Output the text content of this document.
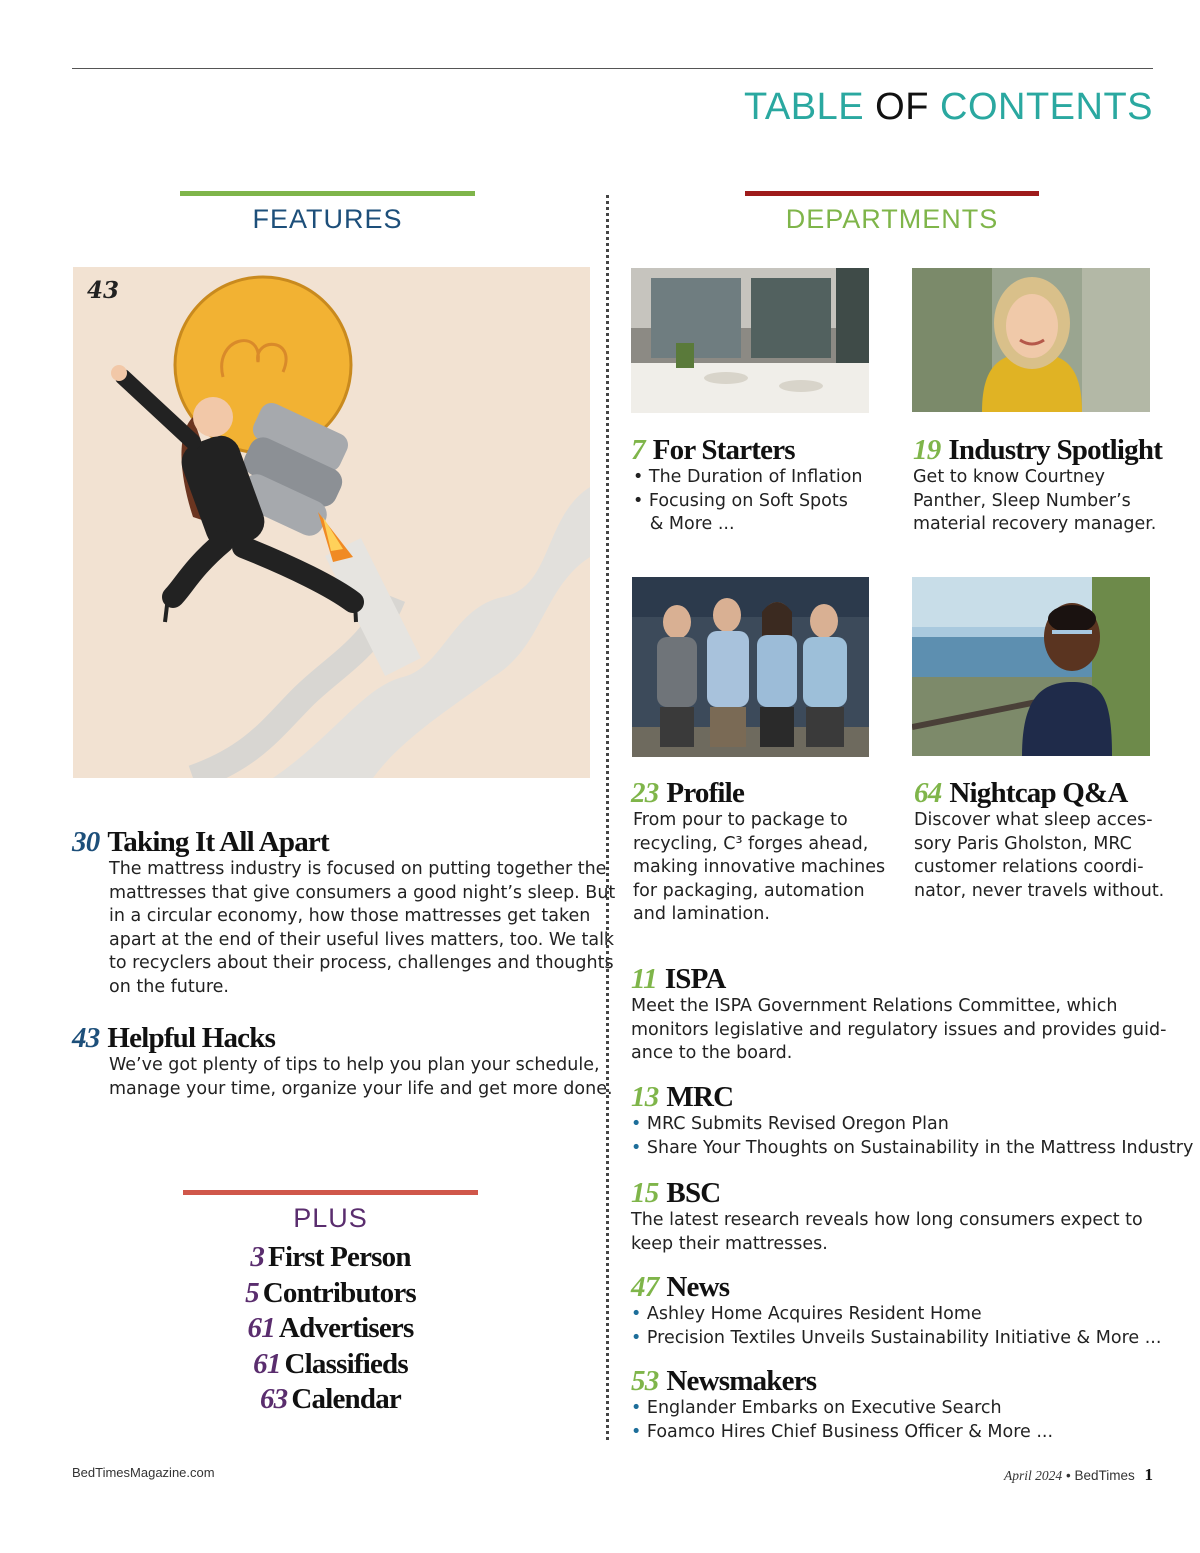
TABLE OF CONTENTS
FEATURES
43
30 Taking It All Apart
The mattress industry is focused on putting together the
mattresses that give consumers a good night’s sleep. But
in a circular economy, how those mattresses get taken
apart at the end of their useful lives matters, too. We talk
to recyclers about their process, challenges and thoughts
on the future.
43 Helpful Hacks
We’ve got plenty of tips to help you plan your schedule,
manage your time, organize your life and get more done.
PLUS
3 First Person
5 Contributors
61 Advertisers
61 Classifieds
63 Calendar
DEPARTMENTS
7 For Starters
• The Duration of Inflation
• Focusing on Soft Spots
& More ...
19 Industry Spotlight
Get to know Courtney
Panther, Sleep Number’s
material recovery manager.
23 Profile
From pour to package to
recycling, C³ forges ahead,
making innovative machines
for packaging, automation
and lamination.
64 Nightcap Q&A
Discover what sleep acces-
sory Paris Gholston, MRC
customer relations coordi-
nator, never travels without.
11 ISPA
Meet the ISPA Government Relations Committee, which
monitors legislative and regulatory issues and provides guid-
ance to the board.
13 MRC
• MRC Submits Revised Oregon Plan
• Share Your Thoughts on Sustainability in the Mattress Industry
15 BSC
The latest research reveals how long consumers expect to
keep their mattresses.
47 News
• Ashley Home Acquires Resident Home
• Precision Textiles Unveils Sustainability Initiative & More ...
53 Newsmakers
• Englander Embarks on Executive Search
• Foamco Hires Chief Business Officer & More ...
BedTimesMagazine.com	April 2024 • BedTimes 1
